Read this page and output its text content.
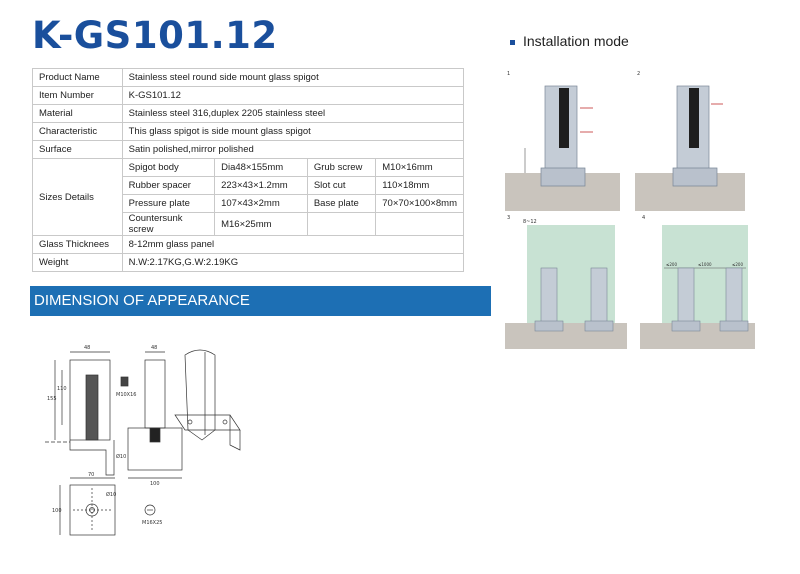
K-GS101.12
Product Name	Stainless steel round side mount glass spigot			
Item Number	K-GS101.12			
Material	Stainless steel 316,duplex 2205 stainless steel			
Characteristic	This glass spigot is side mount glass spigot			
Surface	Satin polished,mirror polished			
Sizes Details	Spigot body	Dia48×155mm	Grub screw	M10×16mm
	Rubber spacer	223×43×1.2mm	Slot cut	110×18mm
	Pressure plate	107×43×2mm	Base plate	70×70×100×8mm
	Countersunk screw	M16×25mm		
Glass Thicknees	8-12mm glass panel			
Weight	N.W:2.17KG,G.W:2.19KG			
DIMENSION OF APPEARANCE
48
110
155
70
100
48
100
M10X16
Ø10
Ø10
M16X25
Installation mode
1	2
3
8~12
4
≤1000
≤200	≤200
